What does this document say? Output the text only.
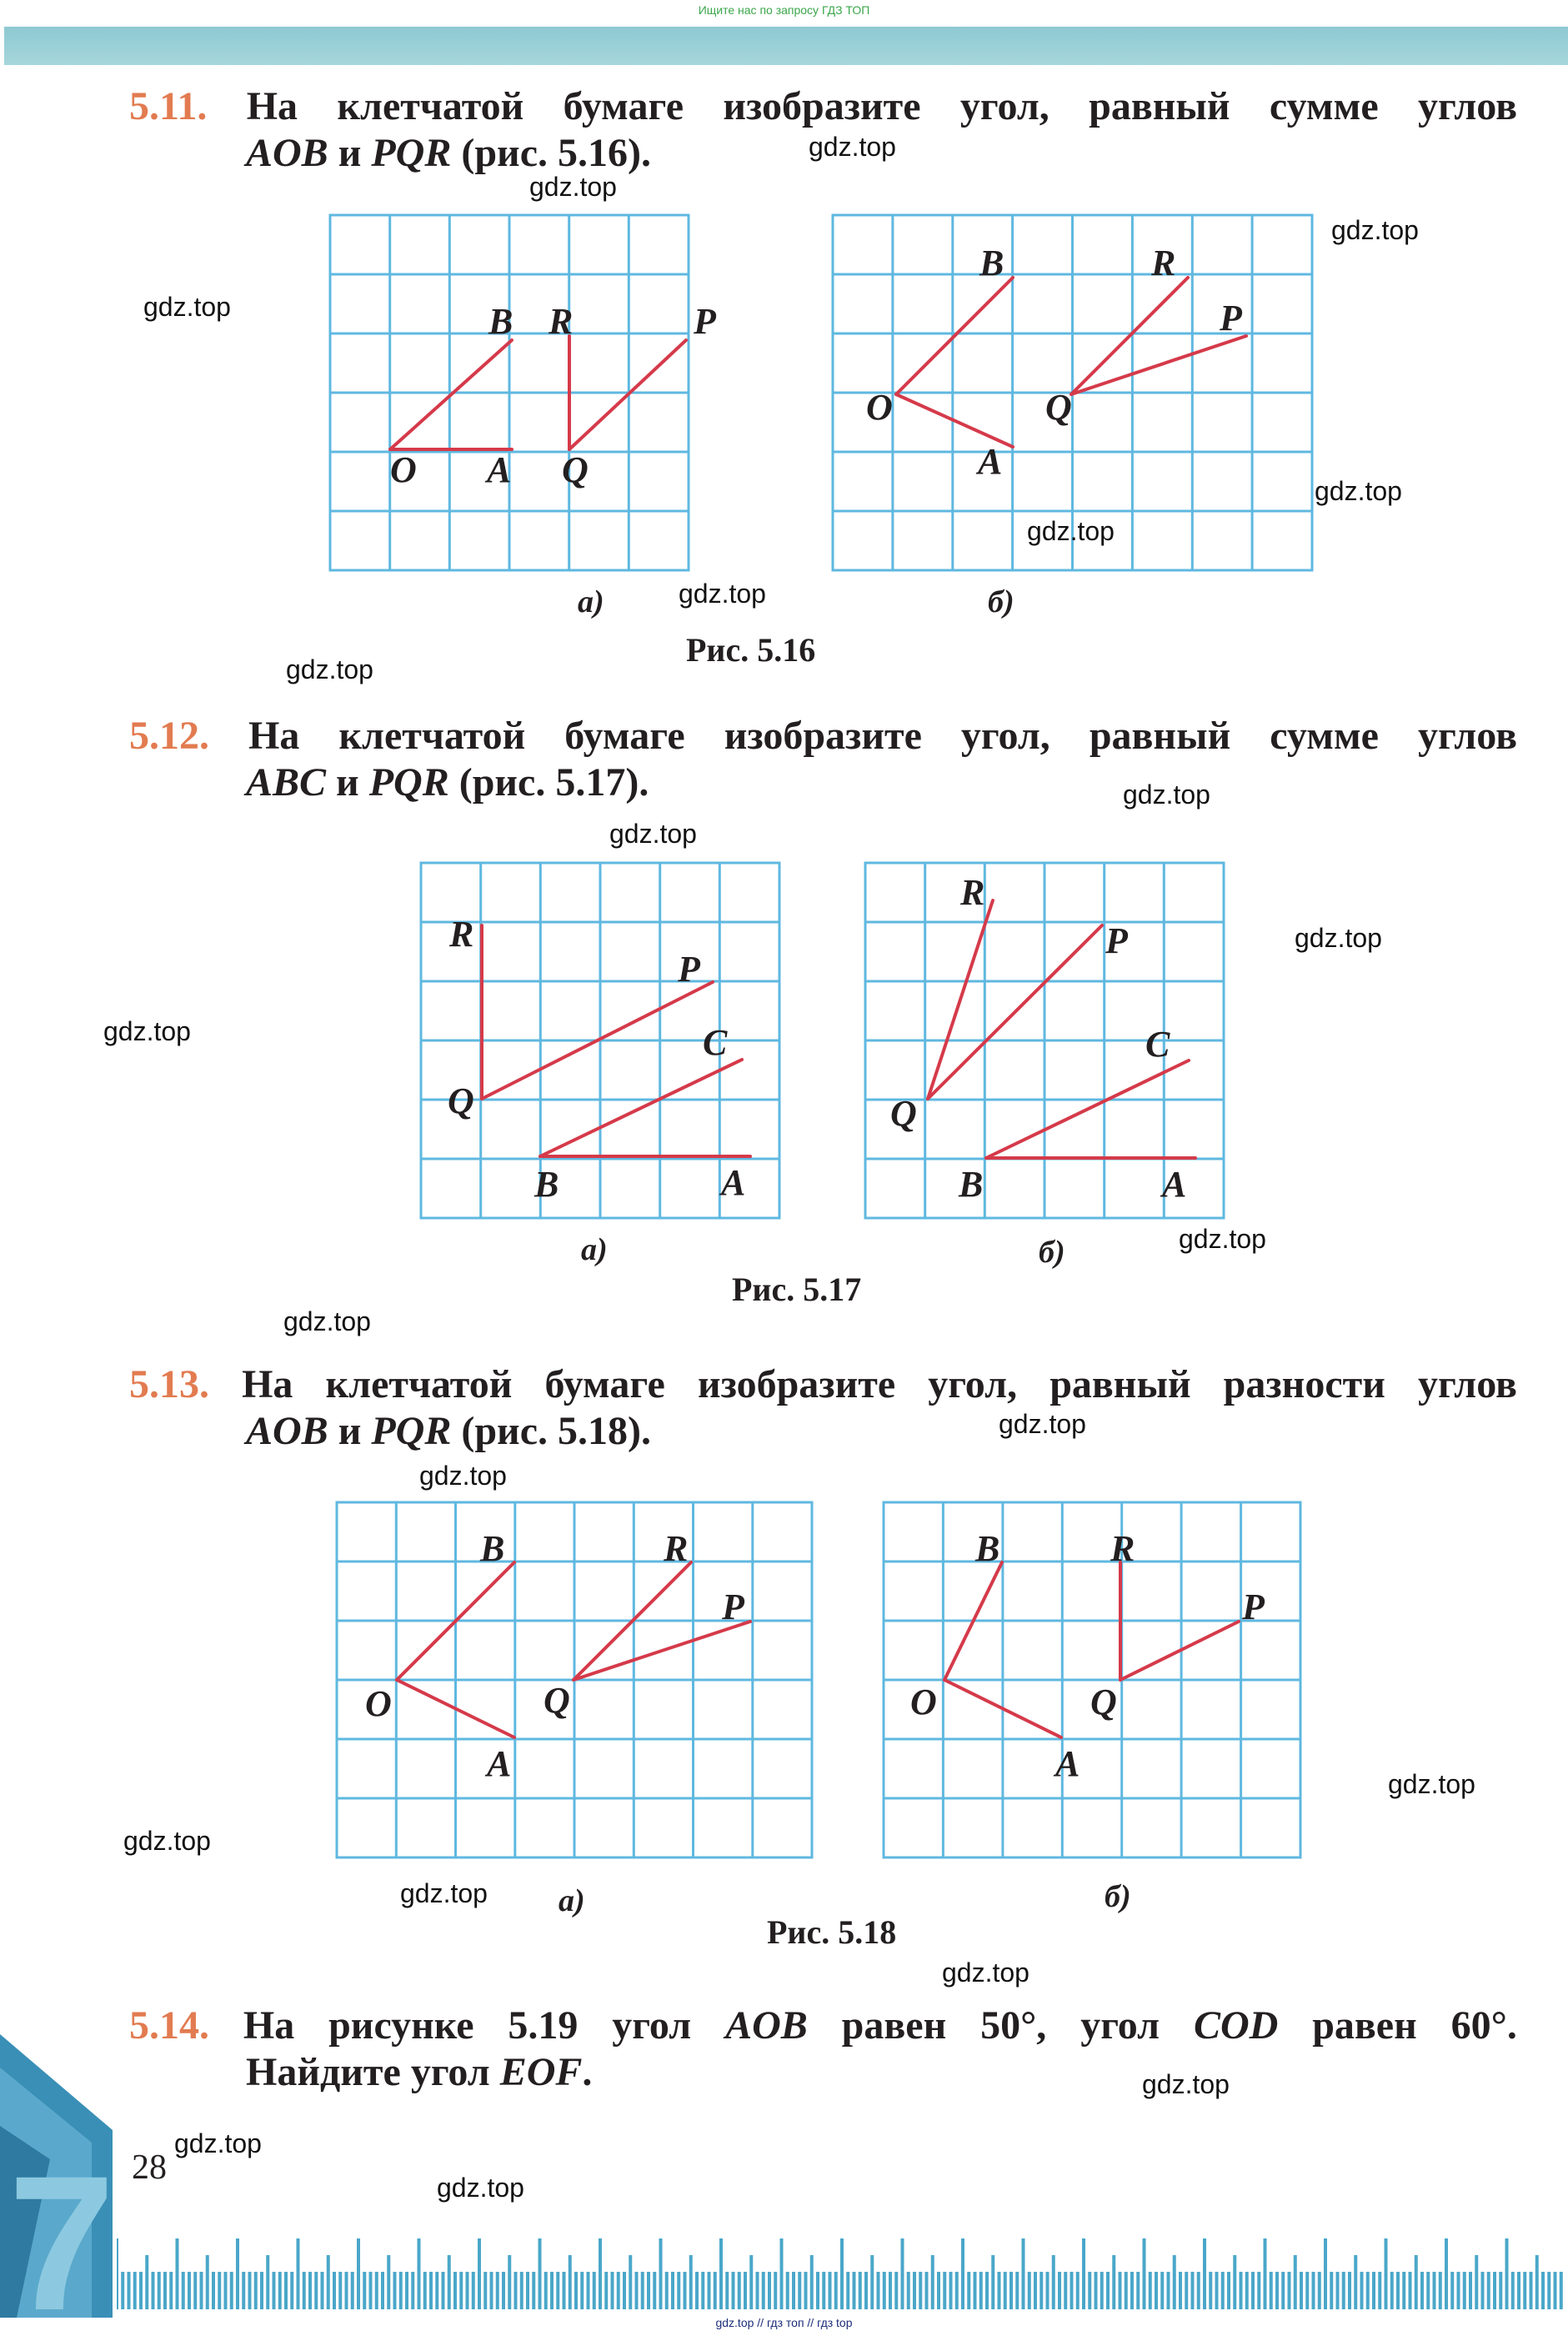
Ищите нас по запросу ГДЗ ТОП
5.11. На клетчатой бумаге изобразите угол, равный сумме углов
AOB и PQR (рис. 5.16).
O A
B R
Q
P
B	R
P
O	Q
A
а)	б)
Рис. 5.16
5.12. На клетчатой бумаге изобразите угол, равный сумме углов
ABC и PQR (рис. 5.17).
R
P
Q
C
B	A
R
P
Q
C
B	A
а)	б)
Рис. 5.17
5.13. На клетчатой бумаге изобразите угол, равный разности углов
AOB и PQR (рис. 5.18).
B	R
P
O	Q
A
B	R
P
O	Q
A
а)	б)
Рис. 5.18
5.14. На рисунке 5.19 угол AOB равен 50°, угол COD равен 60°.
Найдите угол EOF.
gdz.top
gdz.top
gdz.top
gdz.top
gdz.top
gdz.top
gdz.top
gdz.top
gdz.top
gdz.top
gdz.top
gdz.top
gdz.top
gdz.top
gdz.top
gdz.top
gdz.top
gdz.top
gdz.top
gdz.top
gdz.top
gdz.top
gdz.top
7 28
gdz.top // гдз топ // гдз top
